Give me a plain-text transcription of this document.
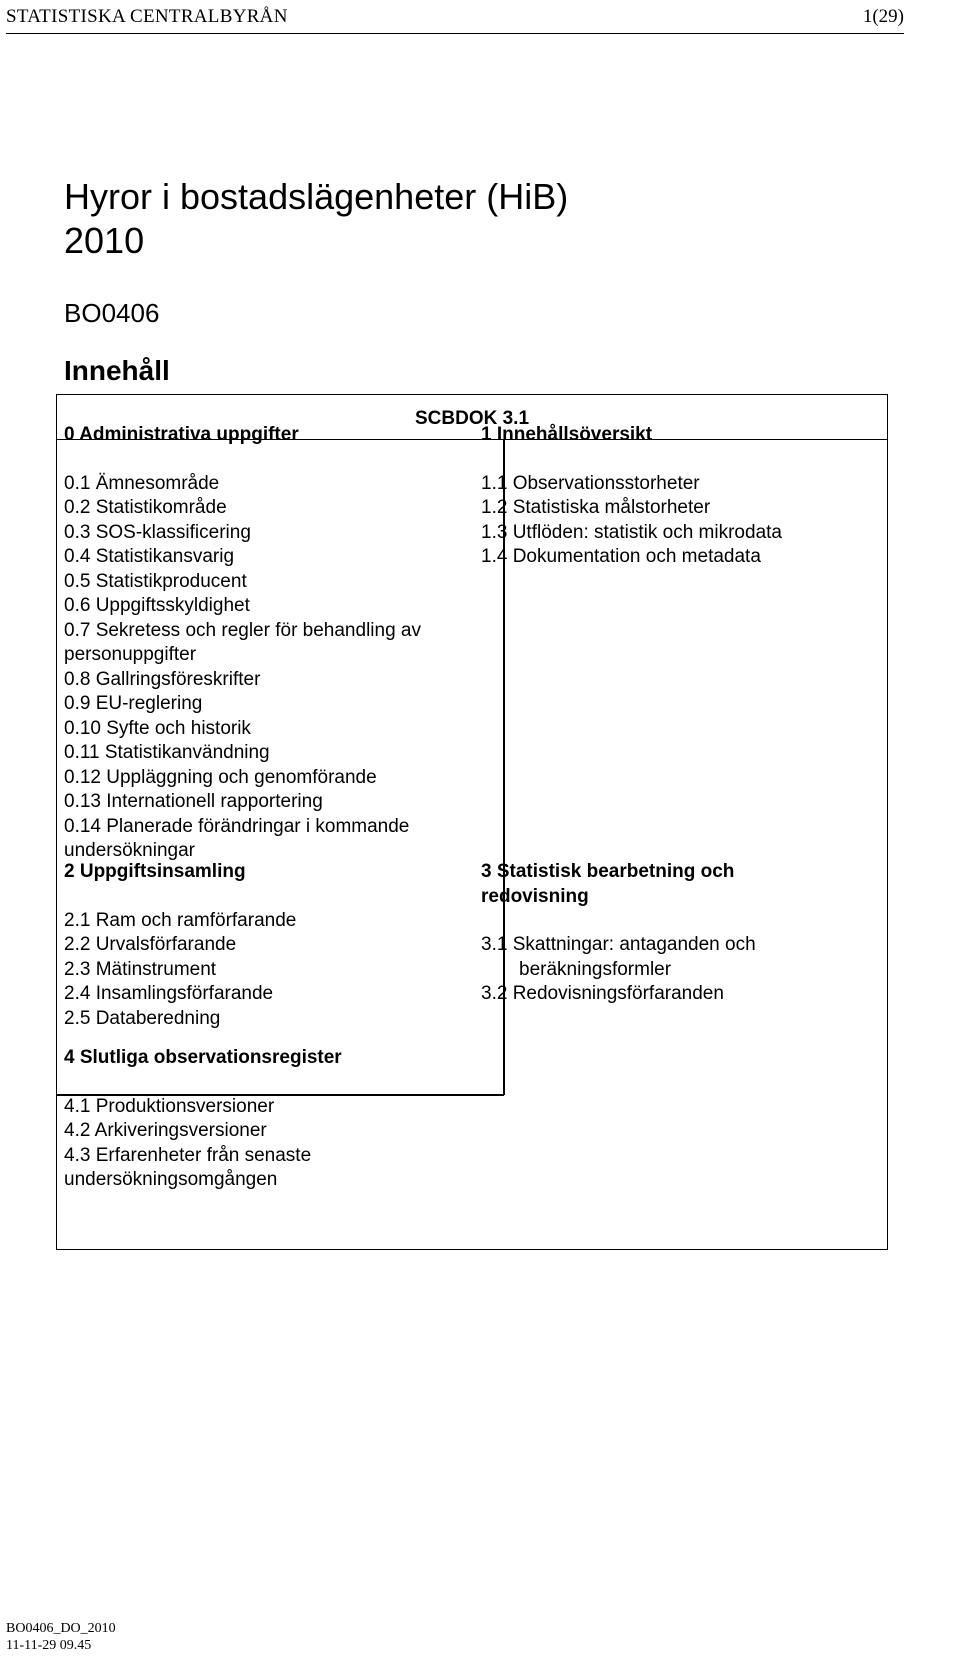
STATISTISKA CENTRALBYRÅN	1(29)
Hyror i bostadslägenheter (HiB)
2010
BO0406
Innehåll
SCBDOK 3.1
0 Administrativa uppgifter
0.1 Ämnesområde
0.2 Statistikområde
0.3 SOS-klassificering
0.4 Statistikansvarig
0.5 Statistikproducent
0.6 Uppgiftsskyldighet
0.7 Sekretess och regler för behandling av personuppgifter
0.8 Gallringsföreskrifter
0.9 EU-reglering
0.10 Syfte och historik
0.11 Statistikanvändning
0.12 Uppläggning och genomförande
0.13 Internationell rapportering
0.14 Planerade förändringar i kommande undersökningar
1 Innehållsöversikt
1.1 Observationsstorheter
1.2 Statistiska målstorheter
1.3 Utflöden: statistik och mikrodata
1.4 Dokumentation och metadata
2 Uppgiftsinsamling
2.1 Ram och ramförfarande
2.2 Urvalsförfarande
2.3 Mätinstrument
2.4 Insamlingsförfarande
2.5 Databeredning
3 Statistisk bearbetning och redovisning
3.1 Skattningar: antaganden och beräkningsformler
3.2 Redovisningsförfaranden
4 Slutliga observationsregister
4.1 Produktionsversioner
4.2 Arkiveringsversioner
4.3 Erfarenheter från senaste undersökningsomgången
BO0406_DO_2010
11-11-29 09.45
